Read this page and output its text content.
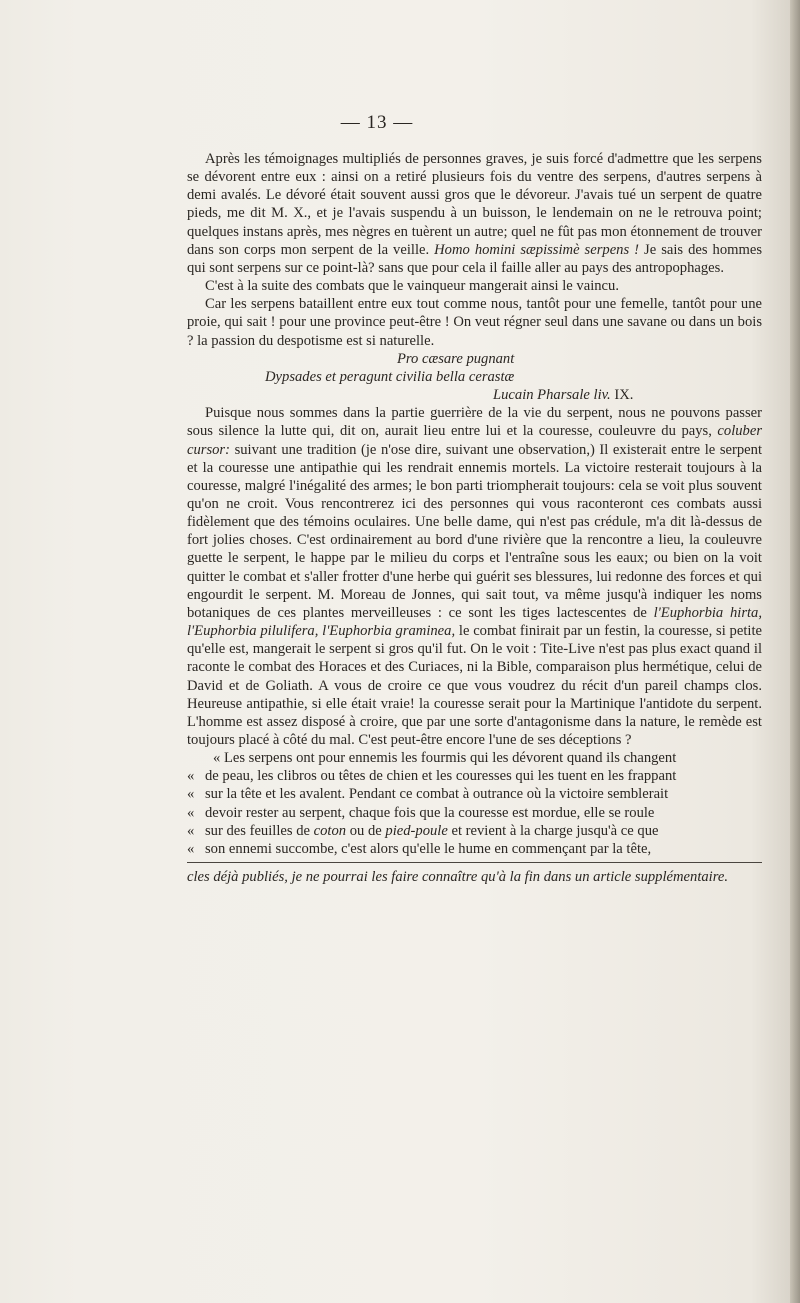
— 13 —

Après les témoignages multipliés de personnes graves, je suis forcé d'admettre que les serpens se dévorent entre eux : ainsi on a retiré plusieurs fois du ventre des serpens, d'autres serpens à demi avalés. Le dévoré était souvent aussi gros que le dévoreur. J'avais tué un serpent de quatre pieds, me dit M. X., et je l'avais suspendu à un buisson, le lendemain on ne le retrouva point; quelques instans après, mes nègres en tuèrent un autre; quel ne fût pas mon étonnement de trouver dans son corps mon serpent de la veille. Homo homini sæpissimè serpens ! Je sais des hommes qui sont serpens sur ce point-là? sans que pour cela il faille aller au pays des antropophages.

C'est à la suite des combats que le vainqueur mangerait ainsi le vaincu.

Car les serpens bataillent entre eux tout comme nous, tantôt pour une femelle, tantôt pour une proie, qui sait ! pour une province peut-être ! On veut régner seul dans une savane ou dans un bois ? la passion du despotisme est si naturelle.

Pro cæsare pugnant

Dypsades et peragunt civilia bella cerastæ

Lucain Pharsale liv. IX.

Puisque nous sommes dans la partie guerrière de la vie du serpent, nous ne pouvons passer sous silence la lutte qui, dit on, aurait lieu entre lui et la couresse, couleuvre du pays, coluber cursor: suivant une tradition (je n'ose dire, suivant une observation,) Il existerait entre le serpent et la couresse une antipathie qui les rendrait ennemis mortels. La victoire resterait toujours à la couresse, malgré l'inégalité des armes; le bon parti triompherait toujours: cela se voit plus souvent qu'on ne croit. Vous rencontrerez ici des personnes qui vous raconteront ces combats aussi fidèlement que des témoins oculaires. Une belle dame, qui n'est pas crédule, m'a dit là-dessus de fort jolies choses. C'est ordinairement au bord d'une rivière que la rencontre a lieu, la couleuvre guette le serpent, le happe par le milieu du corps et l'entraîne sous les eaux; ou bien on la voit quitter le combat et s'aller frotter d'une herbe qui guérit ses blessures, lui redonne des forces et qui engourdit le serpent. M. Moreau de Jonnes, qui sait tout, va même jusqu'à indiquer les noms botaniques de ces plantes merveilleuses : ce sont les tiges lactescentes de l'Euphorbia hirta, l'Euphorbia pilulifera, l'Euphorbia graminea, le combat finirait par un festin, la couresse, si petite qu'elle est, mangerait le serpent si gros qu'il fut. On le voit : Tite-Live n'est pas plus exact quand il raconte le combat des Horaces et des Curiaces, ni la Bible, comparaison plus hermétique, celui de David et de Goliath. A vous de croire ce que vous voudrez du récit d'un pareil champs clos. Heureuse antipathie, si elle était vraie! la couresse serait pour la Martinique l'antidote du serpent. L'homme est assez disposé à croire, que par une sorte d'antagonisme dans la nature, le remède est toujours placé à côté du mal. C'est peut-être encore l'une de ses déceptions ?

« Les serpens ont pour ennemis les fourmis qui les dévorent quand ils changent

« de peau, les clibros ou têtes de chien et les couresses qui les tuent en les frappant

« sur la tête et les avalent. Pendant ce combat à outrance où la victoire semblerait

« devoir rester au serpent, chaque fois que la couresse est mordue, elle se roule

« sur des feuilles de coton ou de pied-poule et revient à la charge jusqu'à ce que

« son ennemi succombe, c'est alors qu'elle le hume en commençant par la tête,

cles déjà publiés, je ne pourrai les faire connaître qu'à la fin dans un article supplémentaire.
